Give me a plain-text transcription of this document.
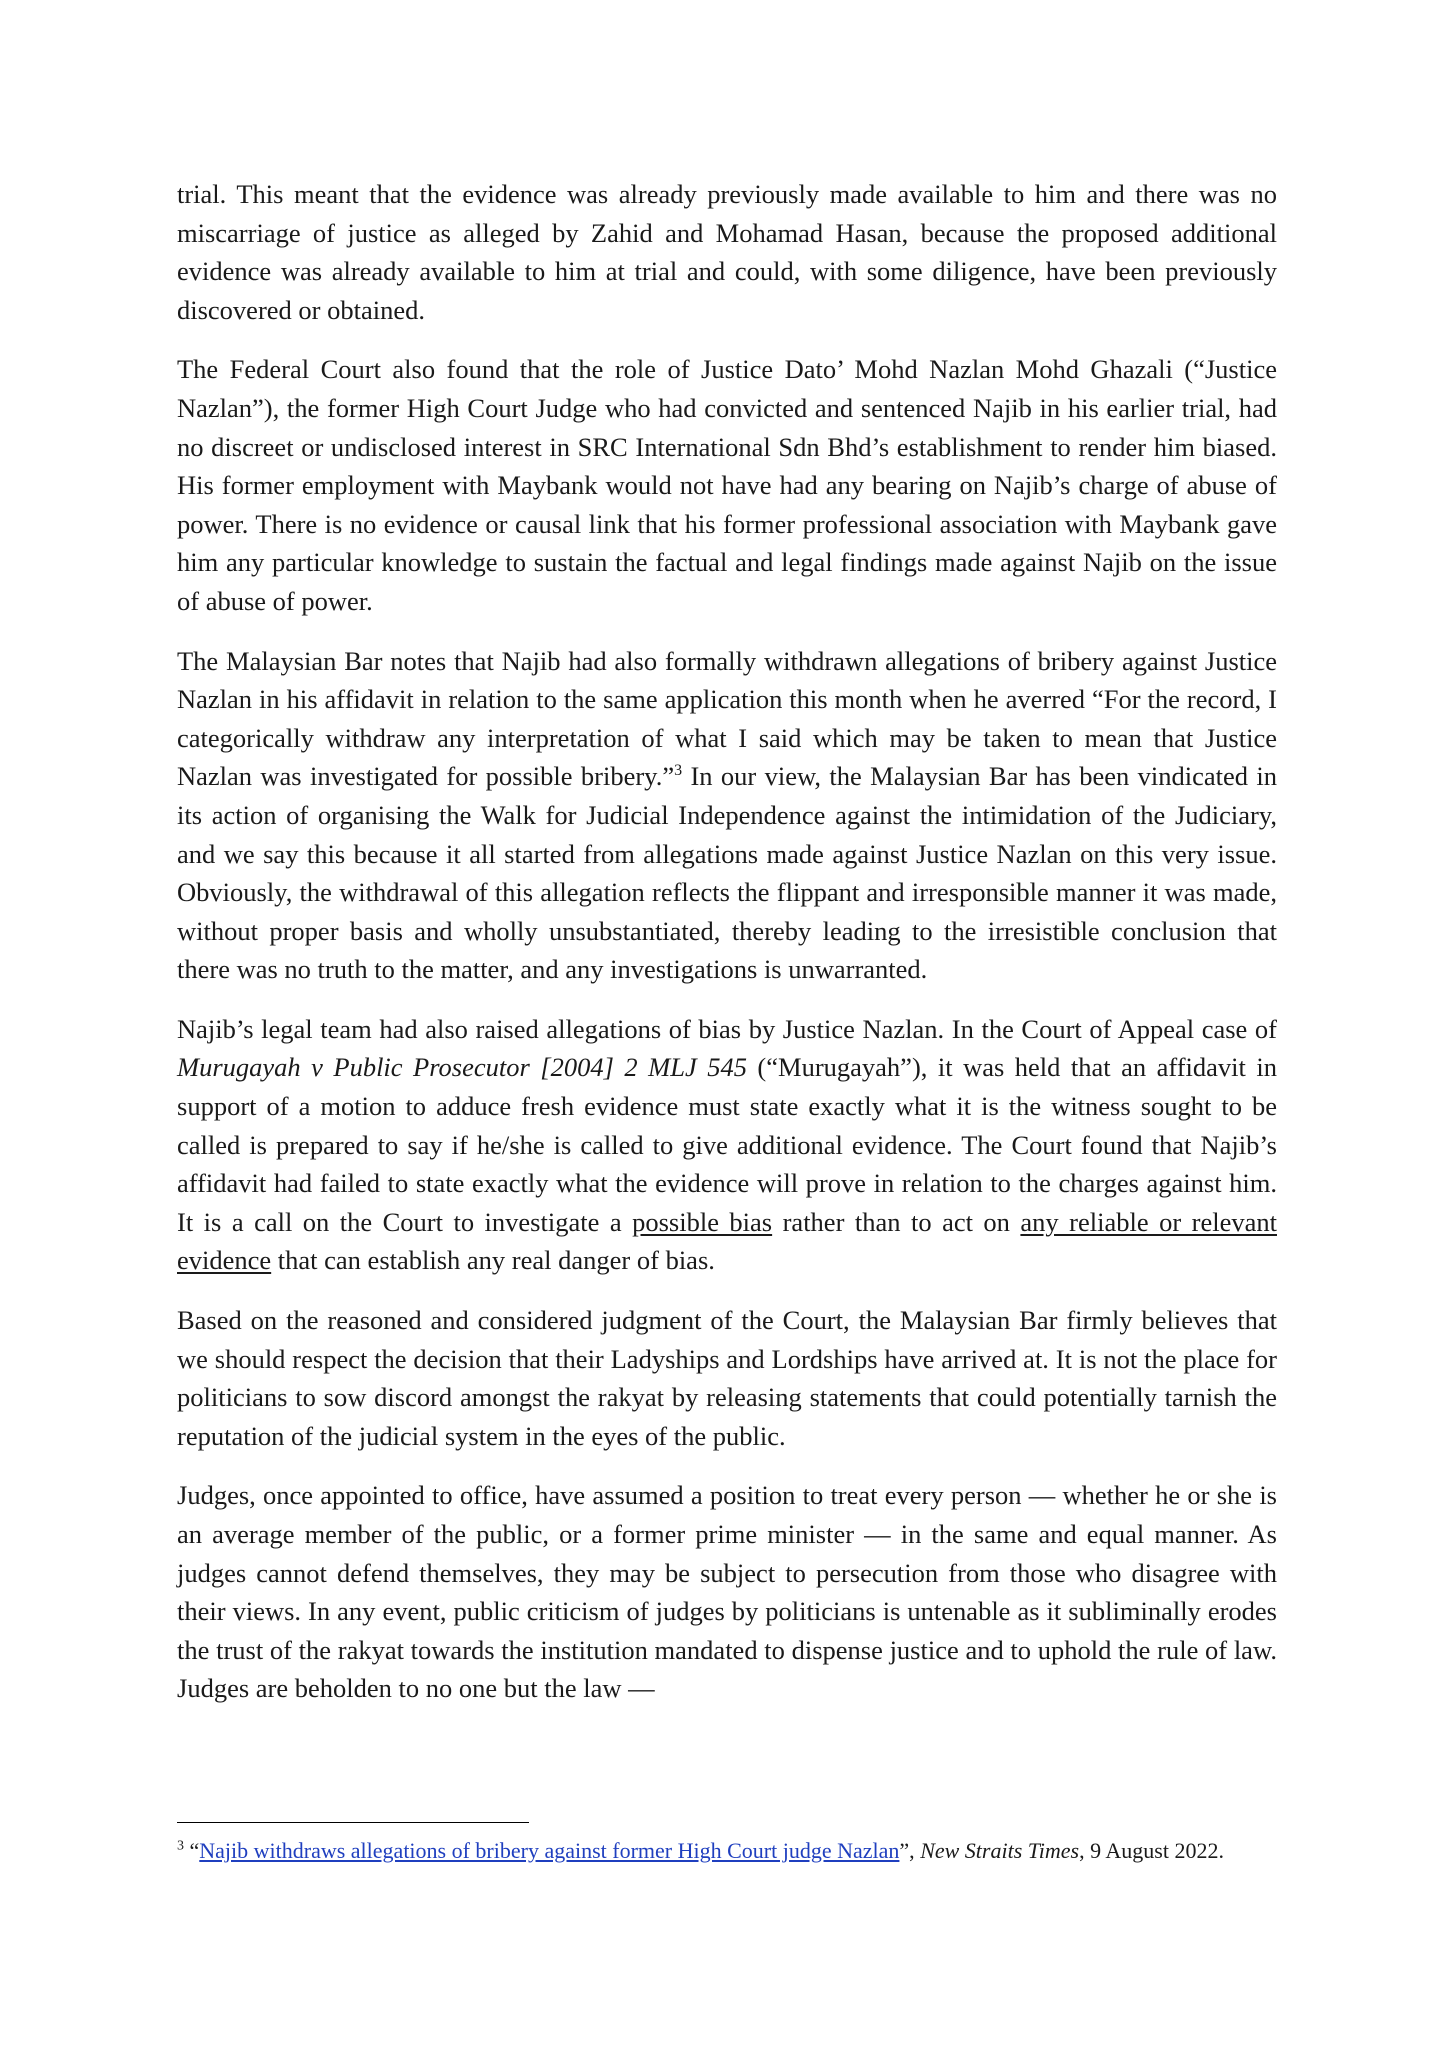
trial. This meant that the evidence was already previously made available to him and there was no miscarriage of justice as alleged by Zahid and Mohamad Hasan, because the proposed additional evidence was already available to him at trial and could, with some diligence, have been previously discovered or obtained.

The Federal Court also found that the role of Justice Dato’ Mohd Nazlan Mohd Ghazali (“Justice Nazlan”), the former High Court Judge who had convicted and sentenced Najib in his earlier trial, had no discreet or undisclosed interest in SRC International Sdn Bhd’s establishment to render him biased. His former employment with Maybank would not have had any bearing on Najib’s charge of abuse of power. There is no evidence or causal link that his former professional association with Maybank gave him any particular knowledge to sustain the factual and legal findings made against Najib on the issue of abuse of power.

The Malaysian Bar notes that Najib had also formally withdrawn allegations of bribery against Justice Nazlan in his affidavit in relation to the same application this month when he averred “For the record, I categorically withdraw any interpretation of what I said which may be taken to mean that Justice Nazlan was investigated for possible bribery.”$^3$ In our view, the Malaysian Bar has been vindicated in its action of organising the Walk for Judicial Independence against the intimidation of the Judiciary, and we say this because it all started from allegations made against Justice Nazlan on this very issue. Obviously, the withdrawal of this allegation reflects the flippant and irresponsible manner it was made, without proper basis and wholly unsubstantiated, thereby leading to the irresistible conclusion that there was no truth to the matter, and any investigations is unwarranted.

Najib’s legal team had also raised allegations of bias by Justice Nazlan. In the Court of Appeal case of Murugayah v Public Prosecutor [2004] 2 MLJ 545 (“Murugayah”), it was held that an affidavit in support of a motion to adduce fresh evidence must state exactly what it is the witness sought to be called is prepared to say if he/she is called to give additional evidence. The Court found that Najib’s affidavit had failed to state exactly what the evidence will prove in relation to the charges against him. It is a call on the Court to investigate a possible bias rather than to act on any reliable or relevant evidence that can establish any real danger of bias.

Based on the reasoned and considered judgment of the Court, the Malaysian Bar firmly believes that we should respect the decision that their Ladyships and Lordships have arrived at. It is not the place for politicians to sow discord amongst the rakyat by releasing statements that could potentially tarnish the reputation of the judicial system in the eyes of the public.

Judges, once appointed to office, have assumed a position to treat every person — whether he or she is an average member of the public, or a former prime minister — in the same and equal manner. As judges cannot defend themselves, they may be subject to persecution from those who disagree with their views. In any event, public criticism of judges by politicians is untenable as it subliminally erodes the trust of the rakyat towards the institution mandated to dispense justice and to uphold the rule of law. Judges are beholden to no one but the law —

$^3$ “Najib withdraws allegations of bribery against former High Court judge Nazlan”, New Straits Times, 9 August 2022.
